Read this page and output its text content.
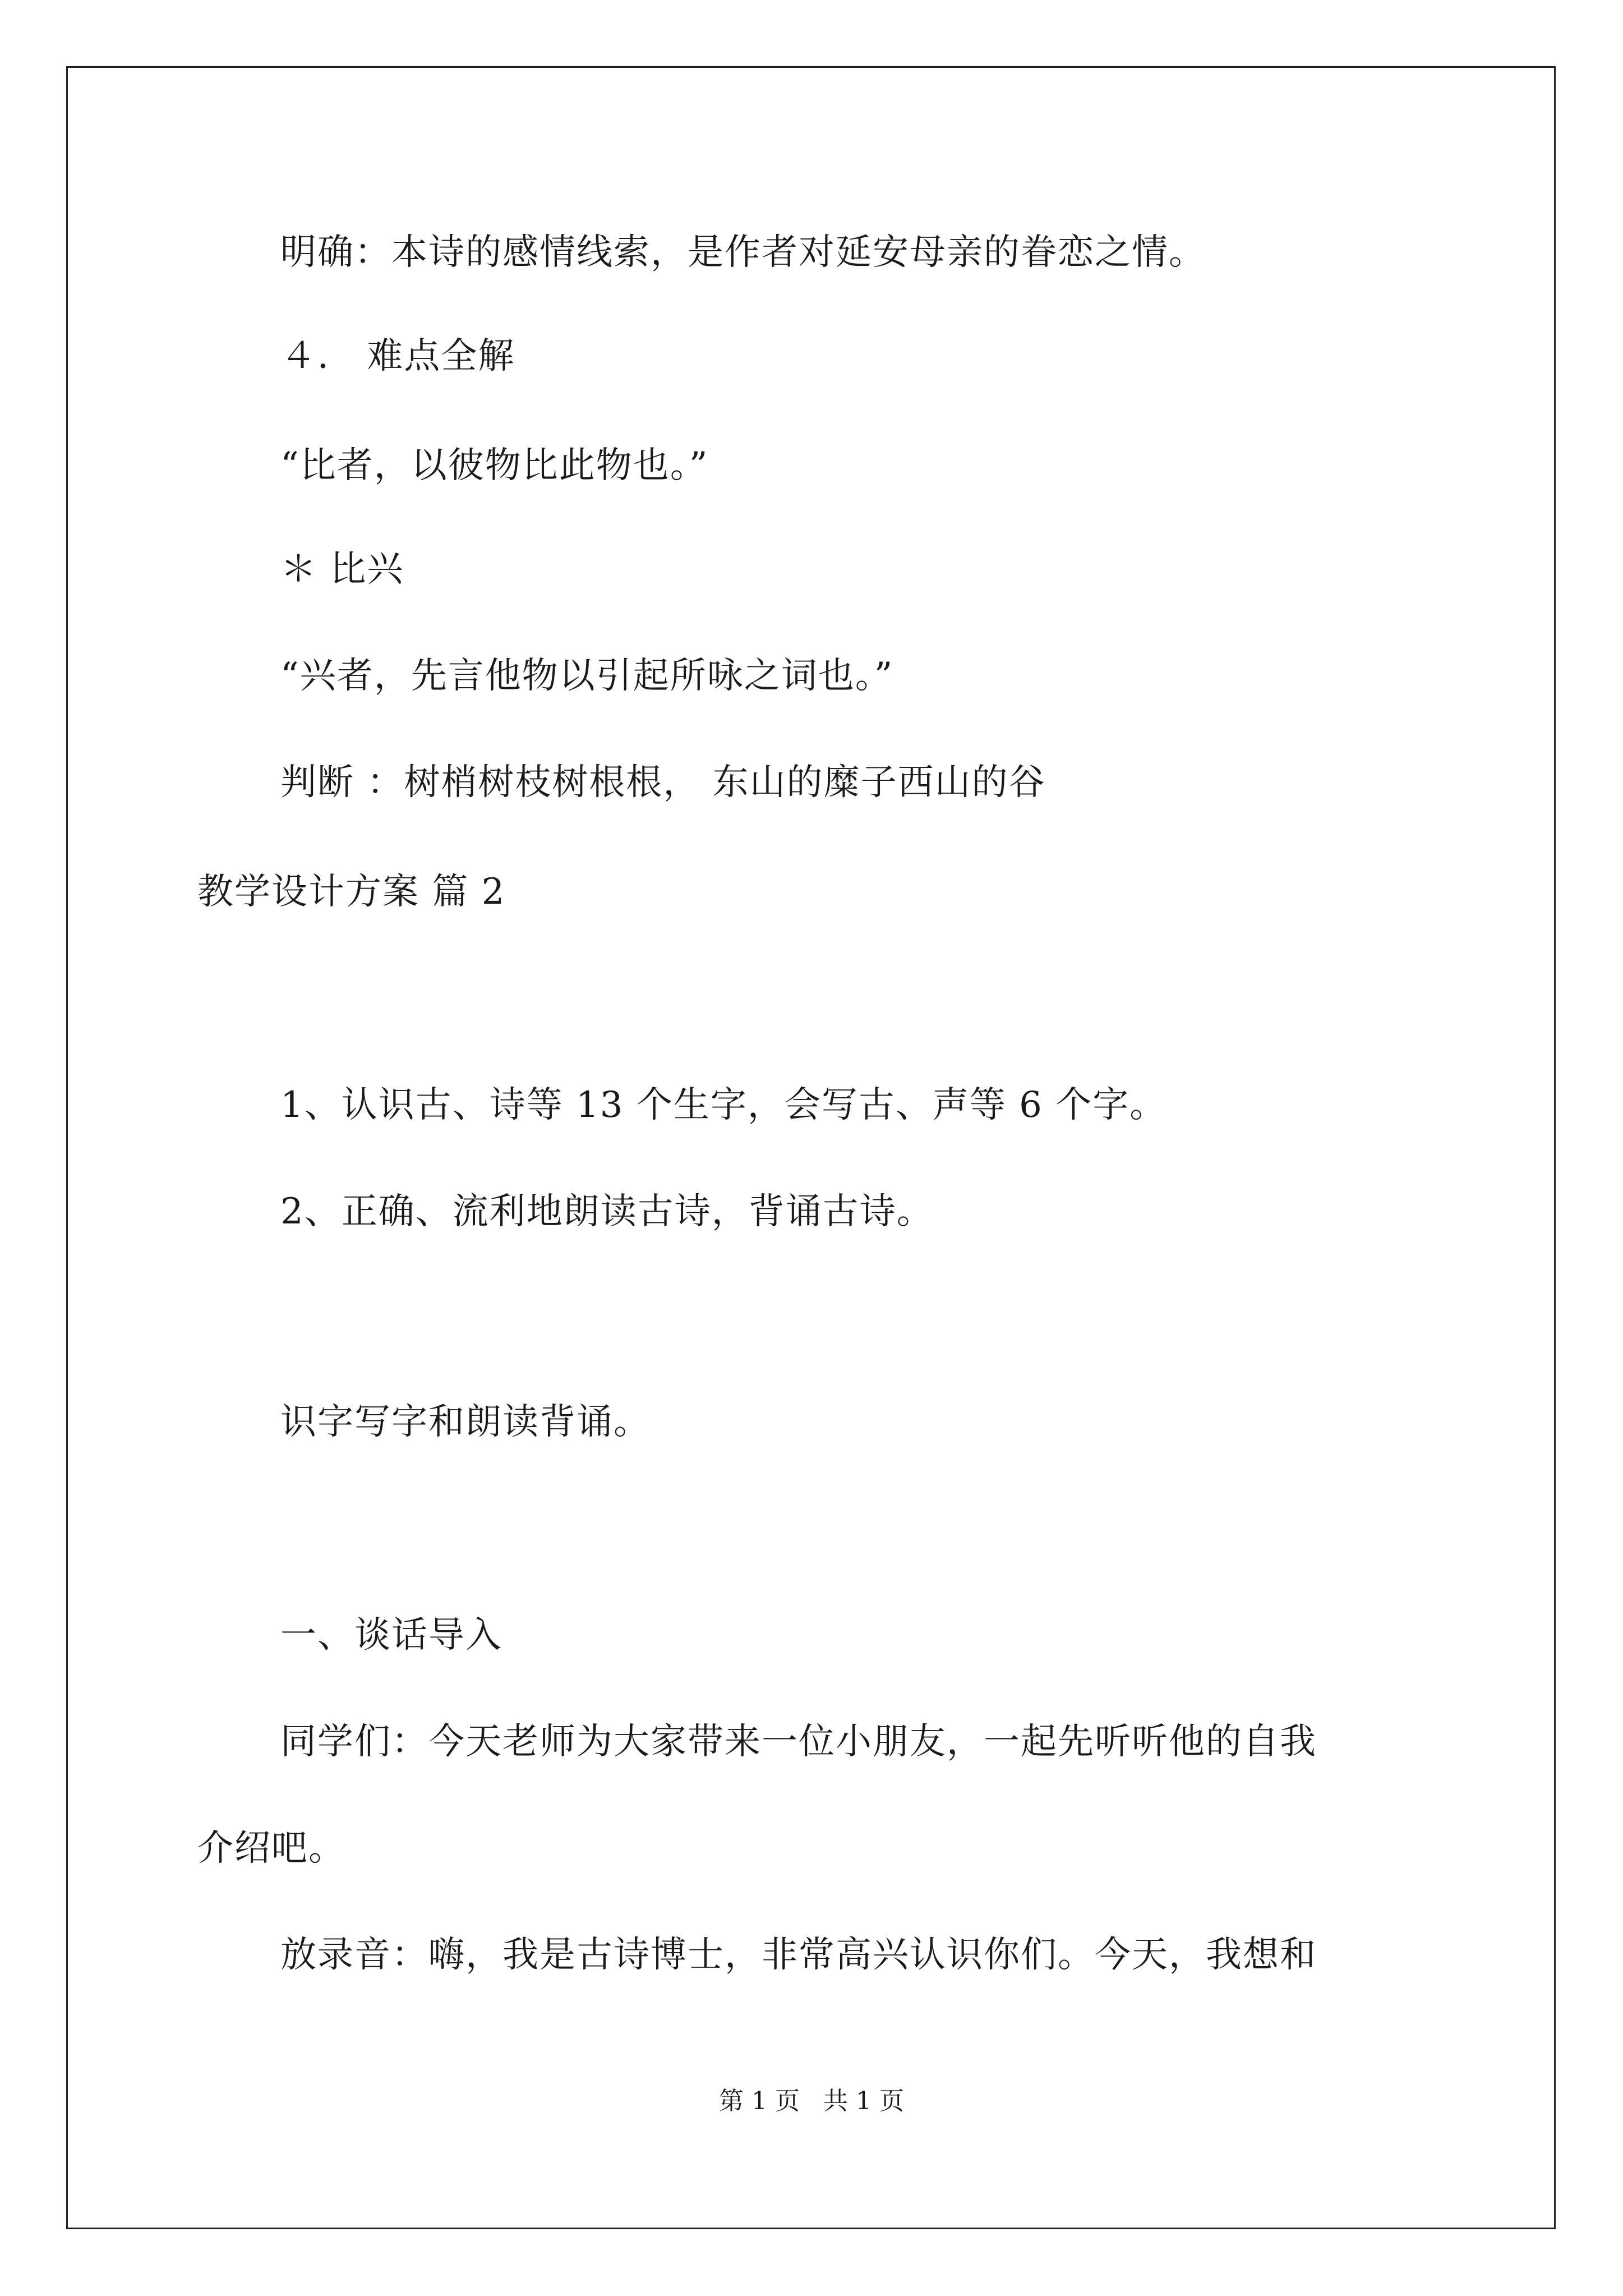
明确：本诗的感情线索，是作者对延安母亲的眷恋之情。
４． 难点全解
“比者，以彼物比此物也。”
＊ 比兴
“兴者，先言他物以引起所咏之词也。”
判断 ：树梢树枝树根根， 东山的糜子西山的谷
教学设计方案 篇 2
1、认识古、诗等 13 个生字，会写古、声等 6 个字。
2、正确、流利地朗读古诗，背诵古诗。
识字写字和朗读背诵。
一、谈话导入
同学们：今天老师为大家带来一位小朋友，一起先听听他的自我
介绍吧。
放录音：嗨，我是古诗博士，非常高兴认识你们。今天，我想和
第 1 页   共 1 页
